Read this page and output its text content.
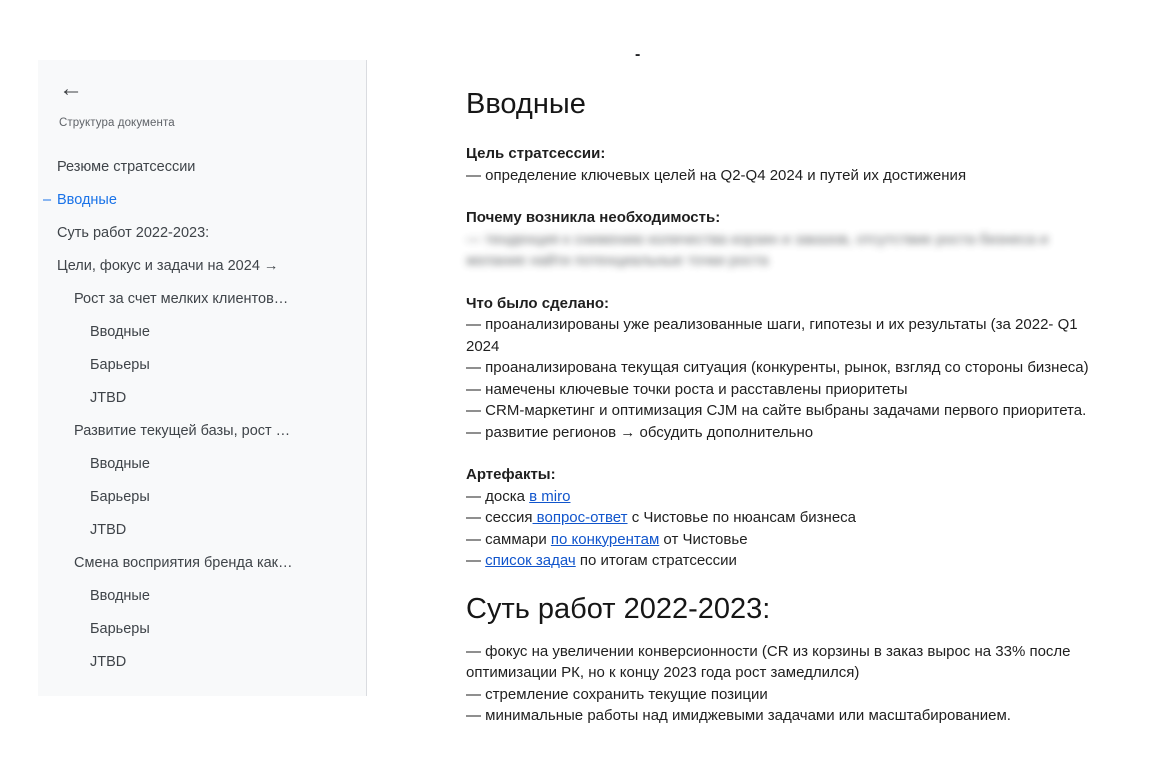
←
Структура документа
Резюме стратсессии
– Вводные
Суть работ 2022-2023:
Цели, фокус и задачи на 2024 →
Рост за счет мелких клиентов…
Вводные
Барьеры
JTBD
Развитие текущей базы, рост …
Вводные
Барьеры
JTBD
Смена восприятия бренда как…
Вводные
Барьеры
JTBD
-
Вводные
Цель стратсессии:
— определение ключевых целей на Q2-Q4 2024 и путей их достижения
Почему возникла необходимость:
— тенденция к снижению количества корзин и заказов, отсутствие роста бизнеса и желание найти потенциальные точки роста
Что было сделано:
— проанализированы уже реализованные шаги, гипотезы и их результаты (за 2022- Q1 2024
— проанализирована текущая ситуация (конкуренты, рынок, взгляд со стороны бизнеса)
— намечены ключевые точки роста и расставлены приоритеты
— CRM-маркетинг и оптимизация CJM на сайте выбраны задачами первого приоритета.
— развитие регионов → обсудить дополнительно
Артефакты:
— доска в miro
— сессия вопрос-ответ с Чистовье по нюансам бизнеса
— саммари по конкурентам от Чистовье
— список задач по итогам стратсессии
Суть работ 2022-2023:
— фокус на увеличении конверсионности (CR из корзины в заказ вырос на 33% после оптимизации РК, но к концу 2023 года рост замедлился)
— стремление сохранить текущие позиции
— минимальные работы над имиджевыми задачами или масштабированием.
